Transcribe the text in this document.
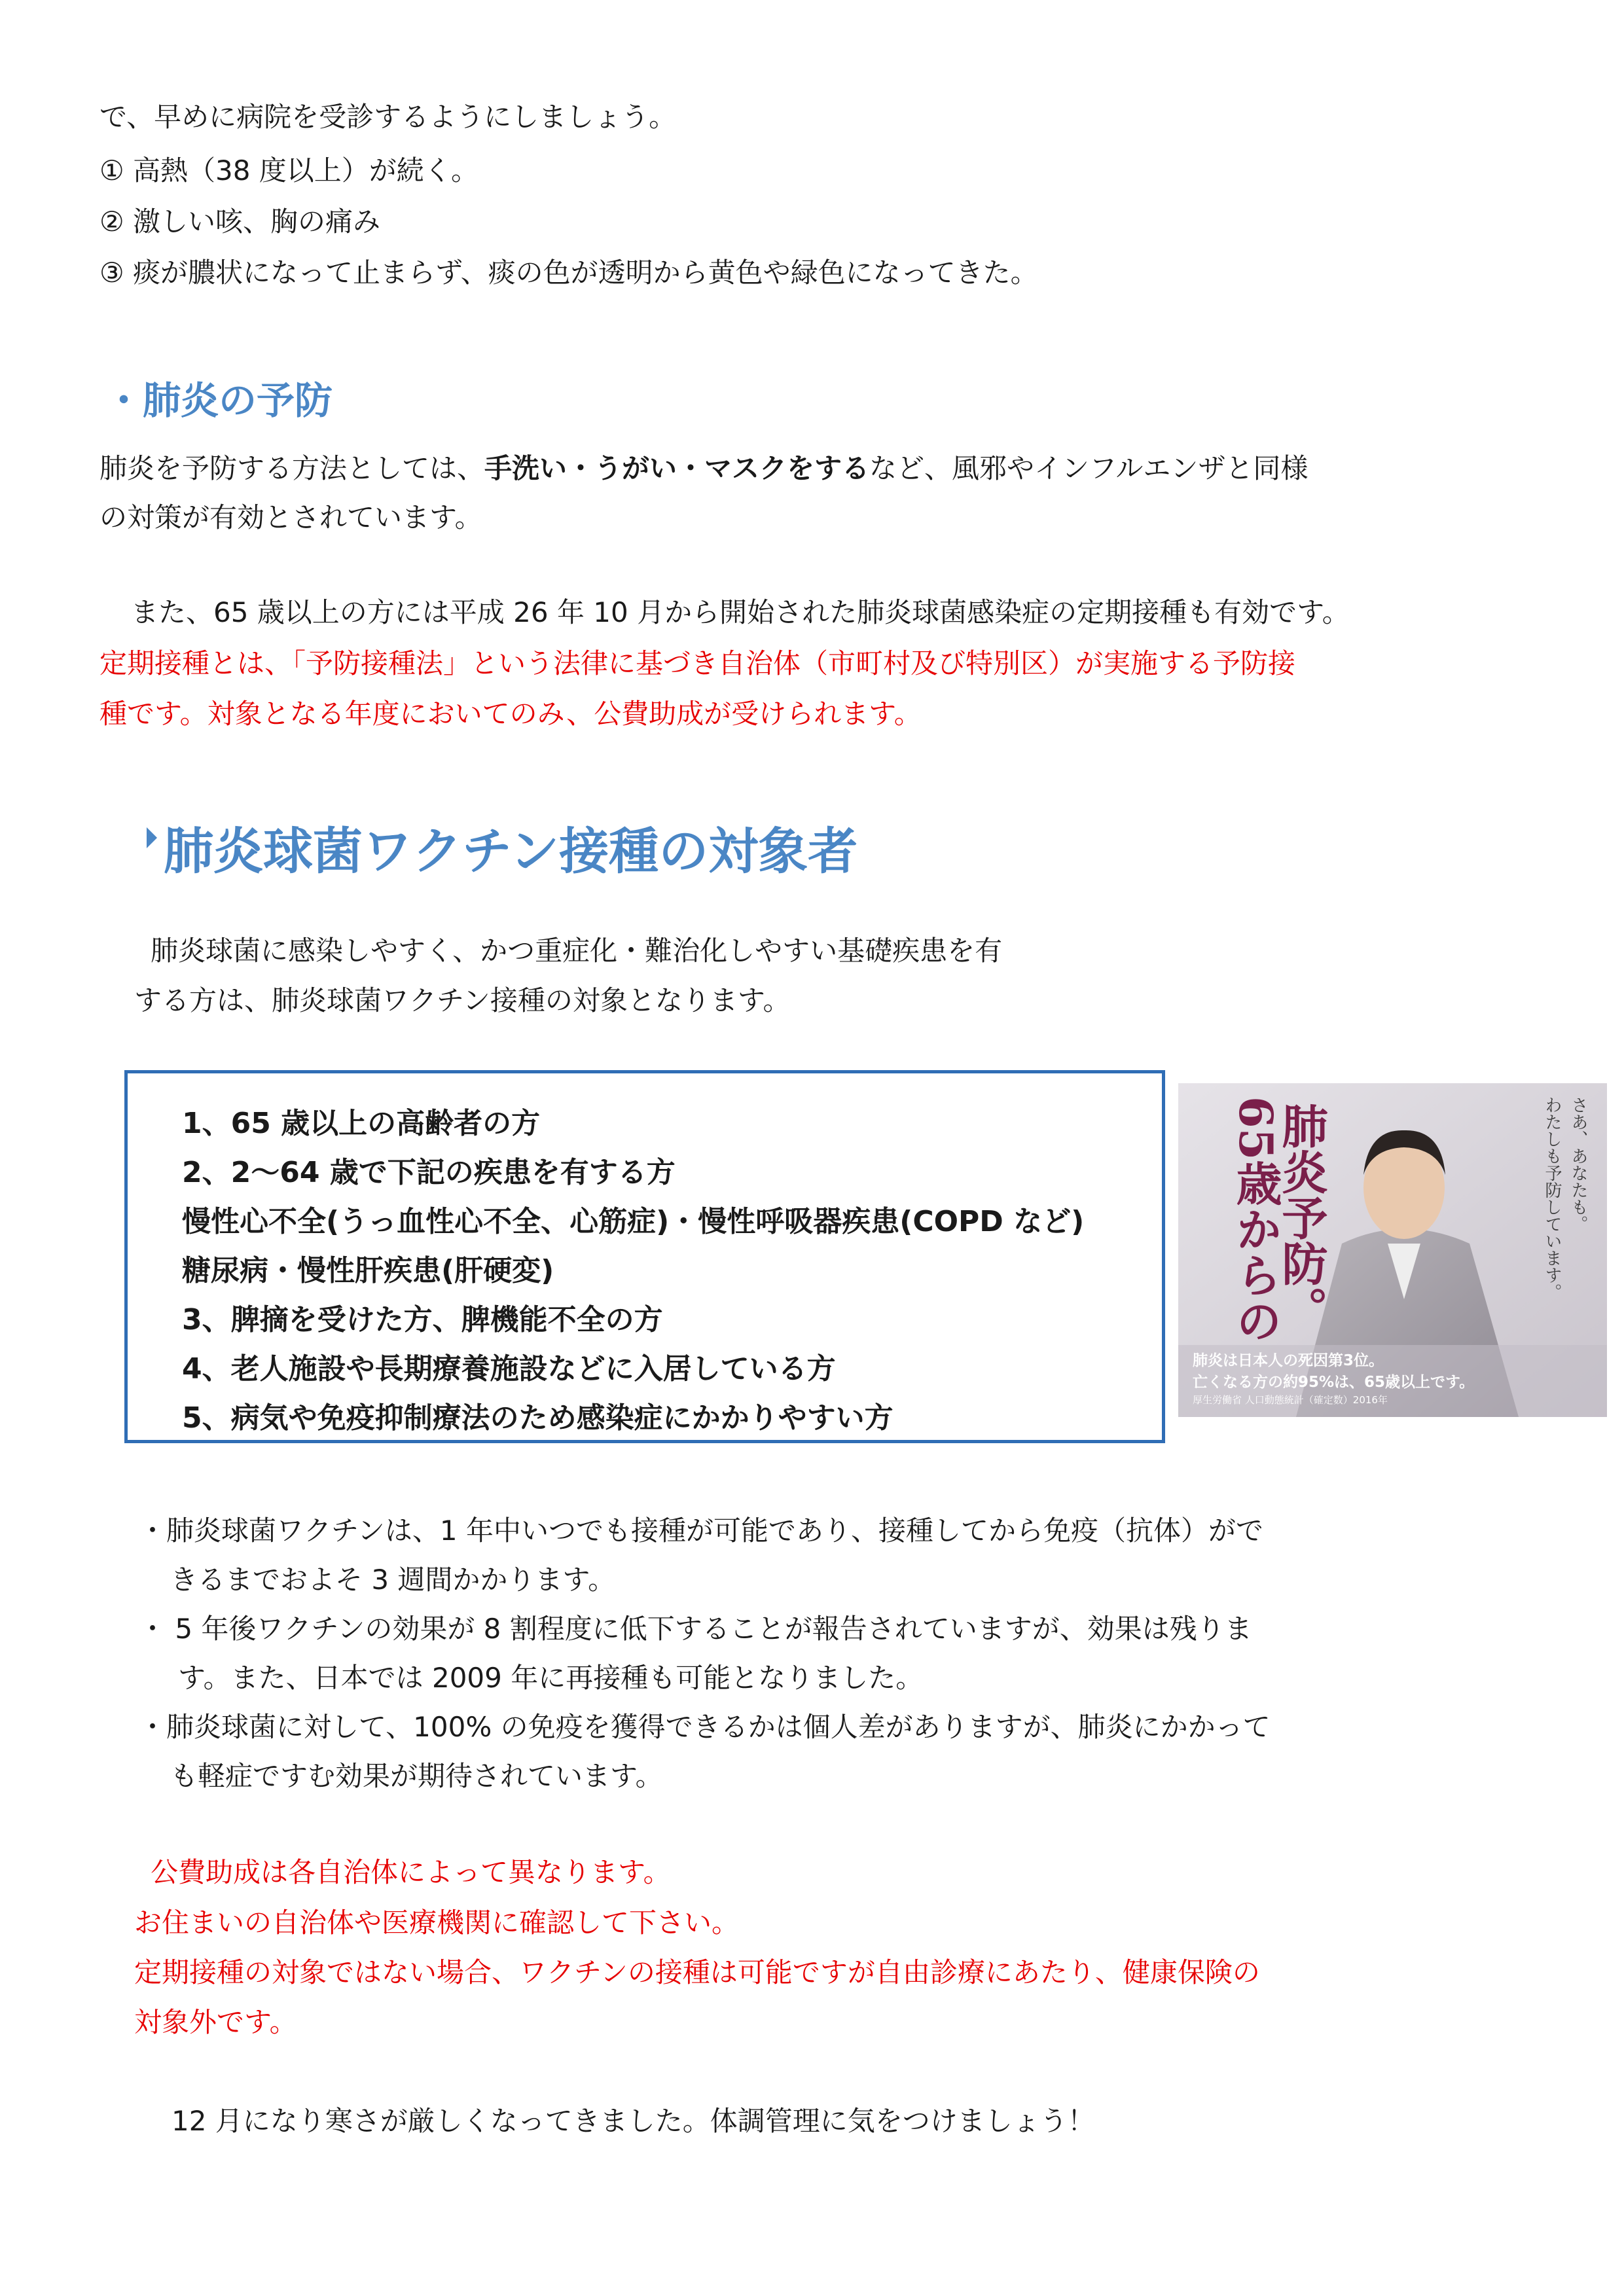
で、早めに病院を受診するようにしましょう。
① 高熱（38 度以上）が続く。
② 激しい咳、胸の痛み
③ 痰が膿状になって止まらず、痰の色が透明から黄色や緑色になってきた。
・肺炎の予防
肺炎を予防する方法としては、手洗い・うがい・マスクをするなど、風邪やインフルエンザと同様
の対策が有効とされています。
また、65 歳以上の方には平成 26 年 10 月から開始された肺炎球菌感染症の定期接種も有効です。
定期接種とは、「予防接種法」という法律に基づき自治体（市町村及び特別区）が実施する予防接
種です。対象となる年度においてのみ、公費助成が受けられます。
肺炎球菌ワクチン接種の対象者
肺炎球菌に感染しやすく、かつ重症化・難治化しやすい基礎疾患を有
する方は、肺炎球菌ワクチン接種の対象となります。
1、65 歳以上の高齢者の方
2、2～64 歳で下記の疾患を有する方
慢性心不全(うっ血性心不全、心筋症)・慢性呼吸器疾患(COPD など)
糖尿病・慢性肝疾患(肝硬変)
3、脾摘を受けた方、脾機能不全の方
4、老人施設や長期療養施設などに入居している方
5、病気や免疫抑制療法のため感染症にかかりやすい方
肺炎予防。
65歳からの	わたしも予防しています。 さあ、あなたも。
肺炎は日本人の死因第3位。
亡くなる方の約95%は、65歳以上です。
厚生労働省 人口動態統計（確定数）2016年
・肺炎球菌ワクチンは、1 年中いつでも接種が可能であり、接種してから免疫（抗体）がで
きるまでおよそ 3 週間かかります。
・ 5 年後ワクチンの効果が 8 割程度に低下することが報告されていますが、効果は残りま
す。また、日本では 2009 年に再接種も可能となりました。
・肺炎球菌に対して、100% の免疫を獲得できるかは個人差がありますが、肺炎にかかって
も軽症ですむ効果が期待されています。
公費助成は各自治体によって異なります。
お住まいの自治体や医療機関に確認して下さい。
定期接種の対象ではない場合、ワクチンの接種は可能ですが自由診療にあたり、健康保険の
対象外です。
12 月になり寒さが厳しくなってきました。体調管理に気をつけましょう！
